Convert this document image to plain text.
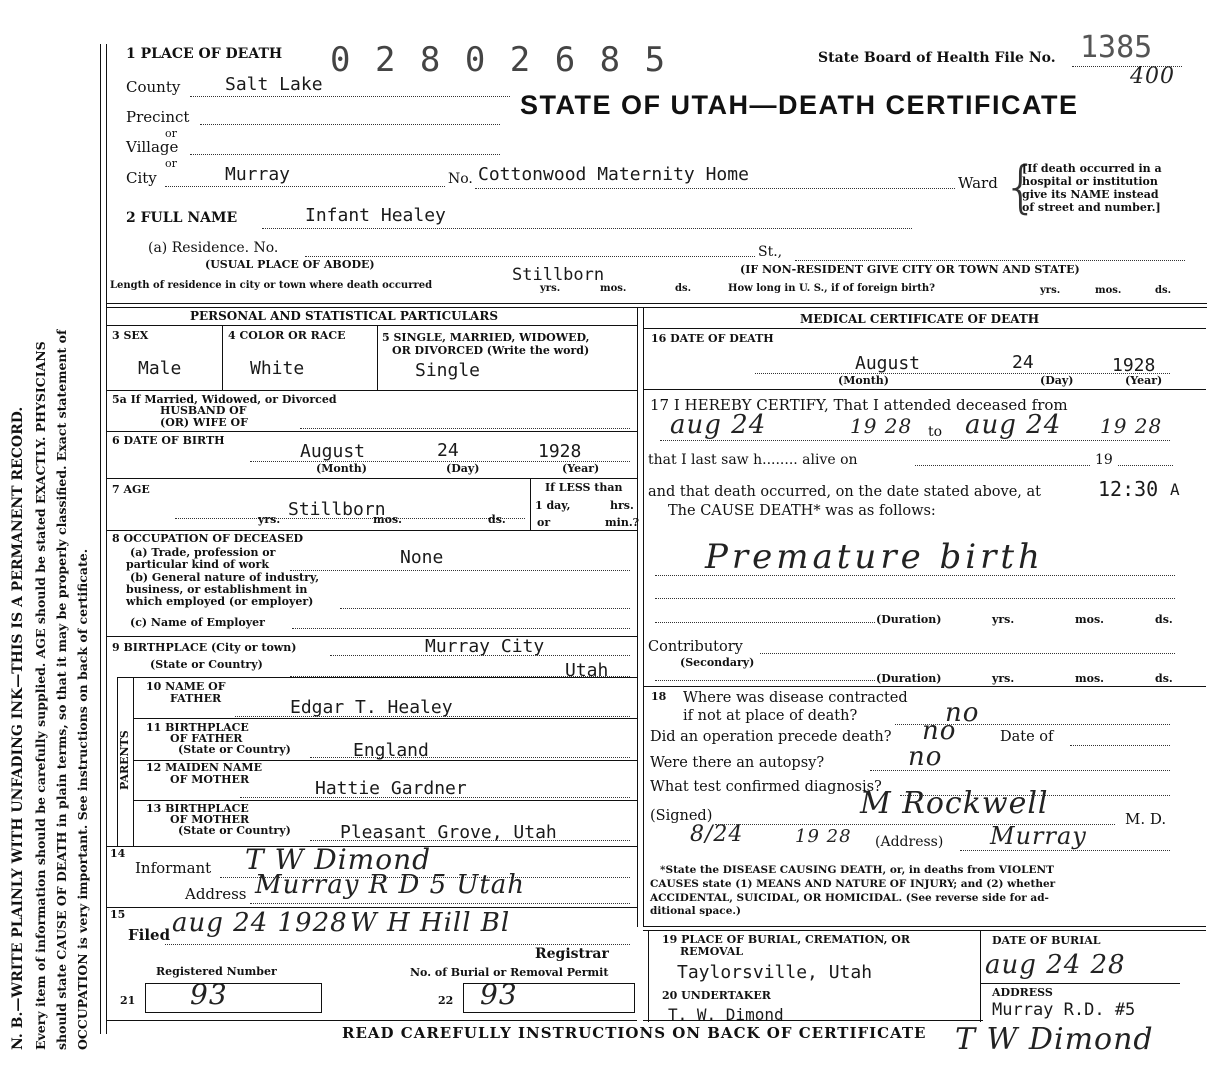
N. B.—WRITE PLAINLY WITH UNFADING INK—THIS IS A PERMANENT RECORD. Every item of information should be carefully supplied. AGE should be stated EXACTLY. PHYSICIANS should state CAUSE OF DEATH in plain terms, so that it may be properly classified. Exact statement of OCCUPATION is very important. See instructions on back of certificate.
1 PLACE OF DEATH 0 2 8 0 2 6 8 5	State Board of Health File No. 1385
400
STATE OF UTAH—DEATH CERTIFICATE
County Salt Lake
Precinct
or
Village
or
City	Murray	No. Cottonwood Maternity Home	Ward {
[If death occurred in a
hospital or institution
give its NAME instead
of street and number.]
2 FULL NAME	Infant Healey
(a) Residence. No.	St.,
(USUAL PLACE OF ABODE)	(IF NON-RESIDENT GIVE CITY OR TOWN AND STATE)
Length of residence in city or town where death occurred
Stillborn
yrs.	mos.	ds.	How long in U. S., if of foreign birth?	yrs.	mos.	ds.
PERSONAL AND STATISTICAL PARTICULARS	MEDICAL CERTIFICATE OF DEATH
3 SEX
Male
4 COLOR OR RACE
White
5 SINGLE, MARRIED, WIDOWED,
OR DIVORCED (Write the word)
Single
5a If Married, Widowed, or Divorced
HUSBAND OF
(OR) WIFE OF
6 DATE OF BIRTH
August	24	1928
(Month)	(Day)	(Year)
7 AGE
Stillborn
yrs.	mos.	ds.
If LESS than
1 day,	hrs.
or	min.?
8 OCCUPATION OF DECEASED
(a) Trade, profession or
particular kind of work	None
(b) General nature of industry,
business, or establishment in
which employed (or employer)
(c) Name of Employer
9 BIRTHPLACE (City or town)	Murray City
(State or Country)	Utah
PARENTS
10 NAME OF
FATHER	Edgar T. Healey
11 BIRTHPLACE
OF FATHER
(State or Country)	England
12 MAIDEN NAME
OF MOTHER	Hattie Gardner
13 BIRTHPLACE
OF MOTHER
(State or Country)	Pleasant Grove, Utah
14
Informant T W Dimond
Address Murray R D 5 Utah
15
Filed aug 24 1928 W H Hill Bl
Registrar
Registered Number	No. of Burial or Removal Permit
21 93	22 93
16 DATE OF DEATH
August	24	1928
(Month)	(Day)	(Year)
17 I HEREBY CERTIFY, That I attended deceased from
aug 24	19 28 to aug 24 19 28
that I last saw h........ alive on	19
and that death occurred, on the date stated above, at	12:30 A
The CAUSE DEATH* was as follows:
Premature birth
(Duration)	yrs.	mos.	ds.
Contributory
(Secondary)
(Duration)	yrs.	mos.	ds.
18 Where was disease contracted
if not at place of death?	no
Did an operation precede death? no	Date of
Were there an autopsy?	no
What test confirmed diagnosis?
(Signed)	M Rockwell	M. D.
8/24	19 28 (Address) Murray
*State the DISEASE CAUSING DEATH, or, in deaths from VIOLENT
CAUSES state (1) MEANS AND NATURE OF INJURY; and (2) whether
ACCIDENTAL, SUICIDAL, OR HOMICIDAL. (See reverse side for ad-
ditional space.)
19 PLACE OF BURIAL, CREMATION, OR
REMOVAL
Taylorsville, Utah
DATE OF BURIAL
aug 24 28
20 UNDERTAKER
T. W. Dimond
ADDRESS
Murray R.D. #5
READ CAREFULLY INSTRUCTIONS ON BACK OF CERTIFICATE T W Dimond
